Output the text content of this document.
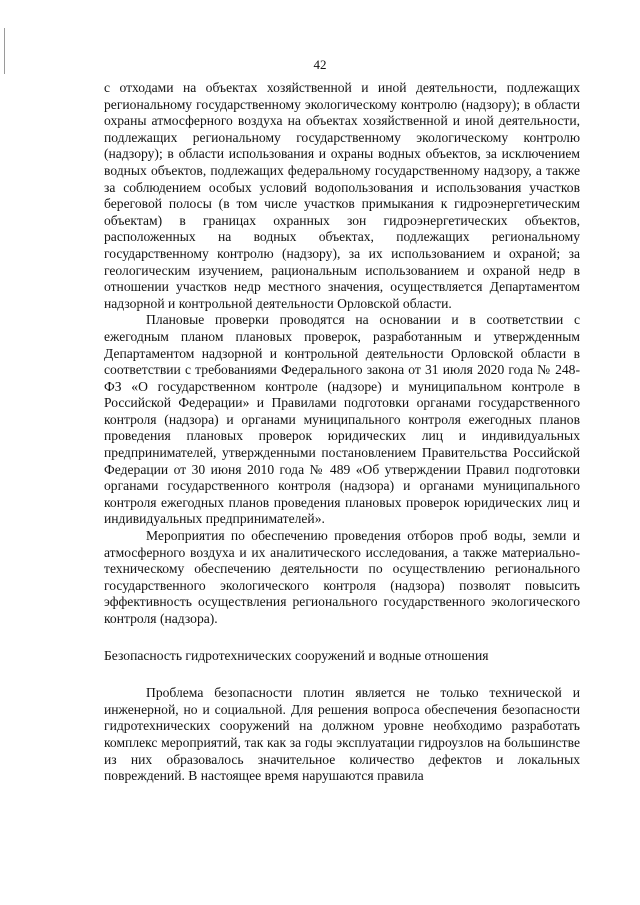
42

с отходами на объектах хозяйственной и иной деятельности, подлежащих региональному государственному экологическому контролю (надзору); в области охраны атмосферного воздуха на объектах хозяйственной и иной деятельности, подлежащих региональному государственному экологическому контролю (надзору); в области использования и охраны водных объектов, за исключением водных объектов, подлежащих федеральному государственному надзору, а также за соблюдением особых условий водопользования и использования участков береговой полосы (в том числе участков примыкания к гидроэнергетическим объектам) в границах охранных зон гидроэнергетических объектов, расположенных на водных объектах, подлежащих региональному государственному контролю (надзору), за их использованием и охраной; за геологическим изучением, рациональным использованием и охраной недр в отношении участков недр местного значения, осуществляется Департаментом надзорной и контрольной деятельности Орловской области.

Плановые проверки проводятся на основании и в соответствии с ежегодным планом плановых проверок, разработанным и утвержденным Департаментом надзорной и контрольной деятельности Орловской области в соответствии с требованиями Федерального закона от 31 июля 2020 года № 248-ФЗ «О государственном контроле (надзоре) и муниципальном контроле в Российской Федерации» и Правилами подготовки органами государственного контроля (надзора) и органами муниципального контроля ежегодных планов проведения плановых проверок юридических лиц и индивидуальных предпринимателей, утвержденными постановлением Правительства Российской Федерации от 30 июня 2010 года № 489 «Об утверждении Правил подготовки органами государственного контроля (надзора) и органами муниципального контроля ежегодных планов проведения плановых проверок юридических лиц и индивидуальных предпринимателей».

Мероприятия по обеспечению проведения отборов проб воды, земли и атмосферного воздуха и их аналитического исследования, а также материально-техническому обеспечению деятельности по осуществлению регионального государственного экологического контроля (надзора) позволят повысить эффективность осуществления регионального государственного экологического контроля (надзора).

Безопасность гидротехнических сооружений и водные отношения

Проблема безопасности плотин является не только технической и инженерной, но и социальной. Для решения вопроса обеспечения безопасности гидротехнических сооружений на должном уровне необходимо разработать комплекс мероприятий, так как за годы эксплуатации гидроузлов на большинстве из них образовалось значительное количество дефектов и локальных повреждений. В настоящее время нарушаются правила
